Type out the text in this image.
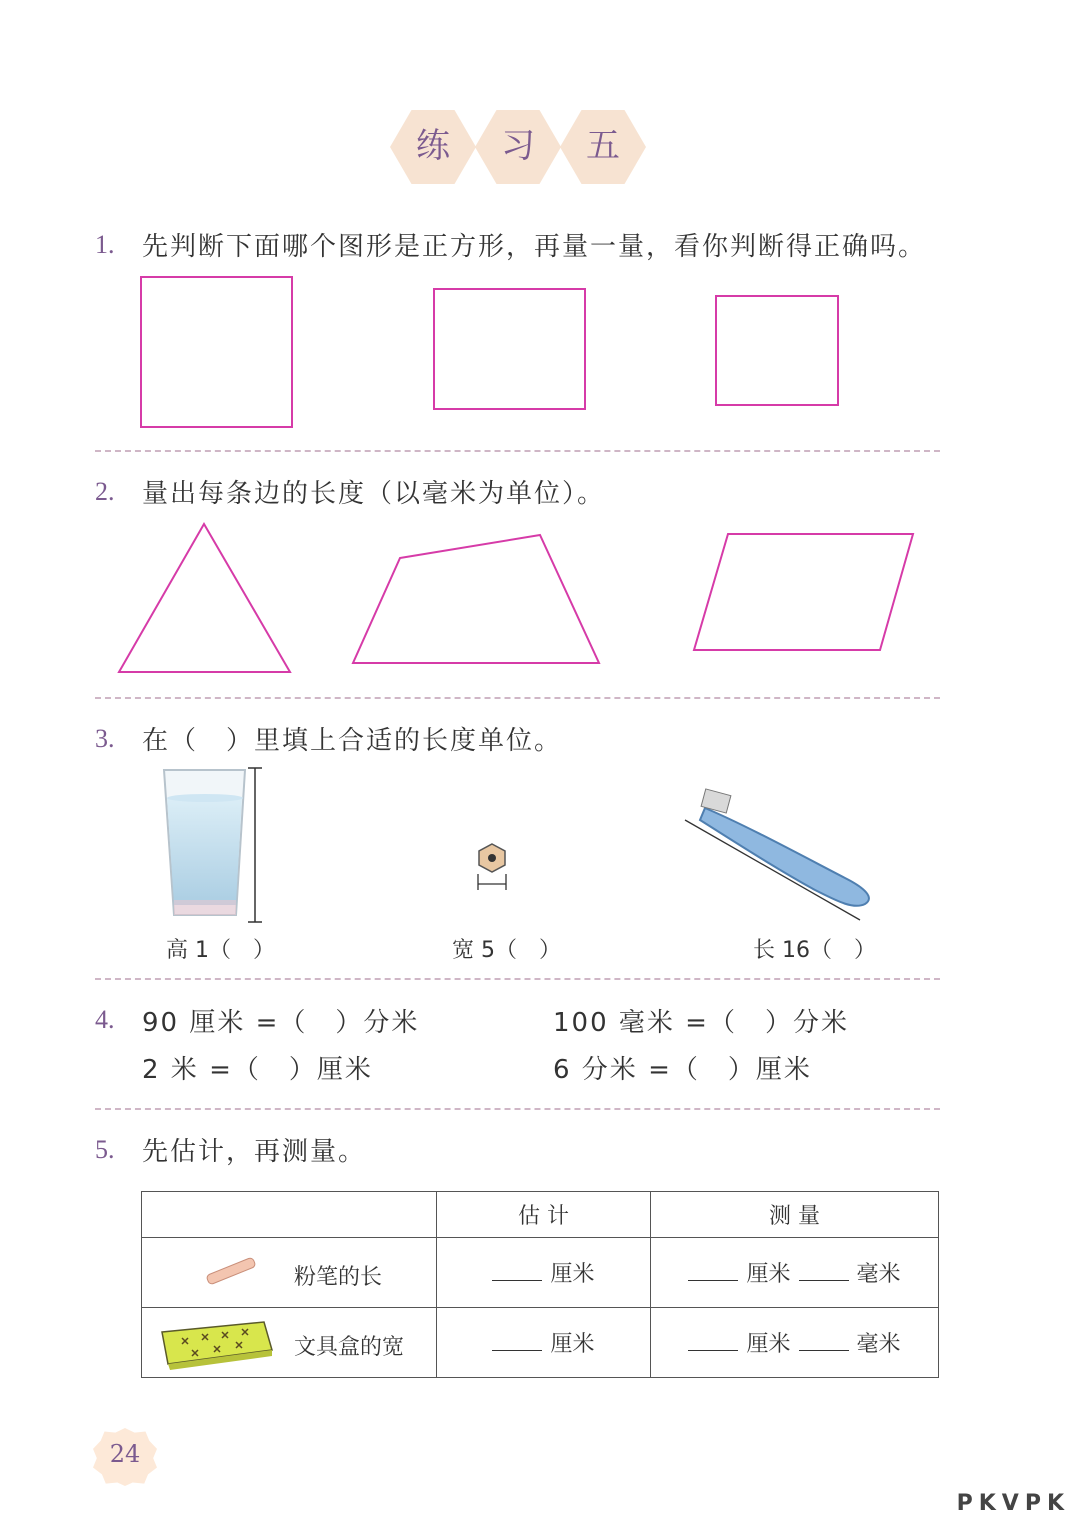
练	习	五
1. 先判断下面哪个图形是正方形，再量一量，看你判断得正确吗。
2. 量出每条边的长度（以毫米为单位）。
3. 在（　）里填上合适的长度单位。
高 1（　）	宽 5（　）	长 16（　）
4. 90 厘米 =（　）分米	100 毫米 =（　）分米
2 米 =（　）厘米	6 分米 =（　）厘米
5. 先估计，再测量。
	估 计	测 量

粉笔的长	厘米	厘米 毫米

文具盒的宽	厘米	厘米 毫米
24
PKVPK
